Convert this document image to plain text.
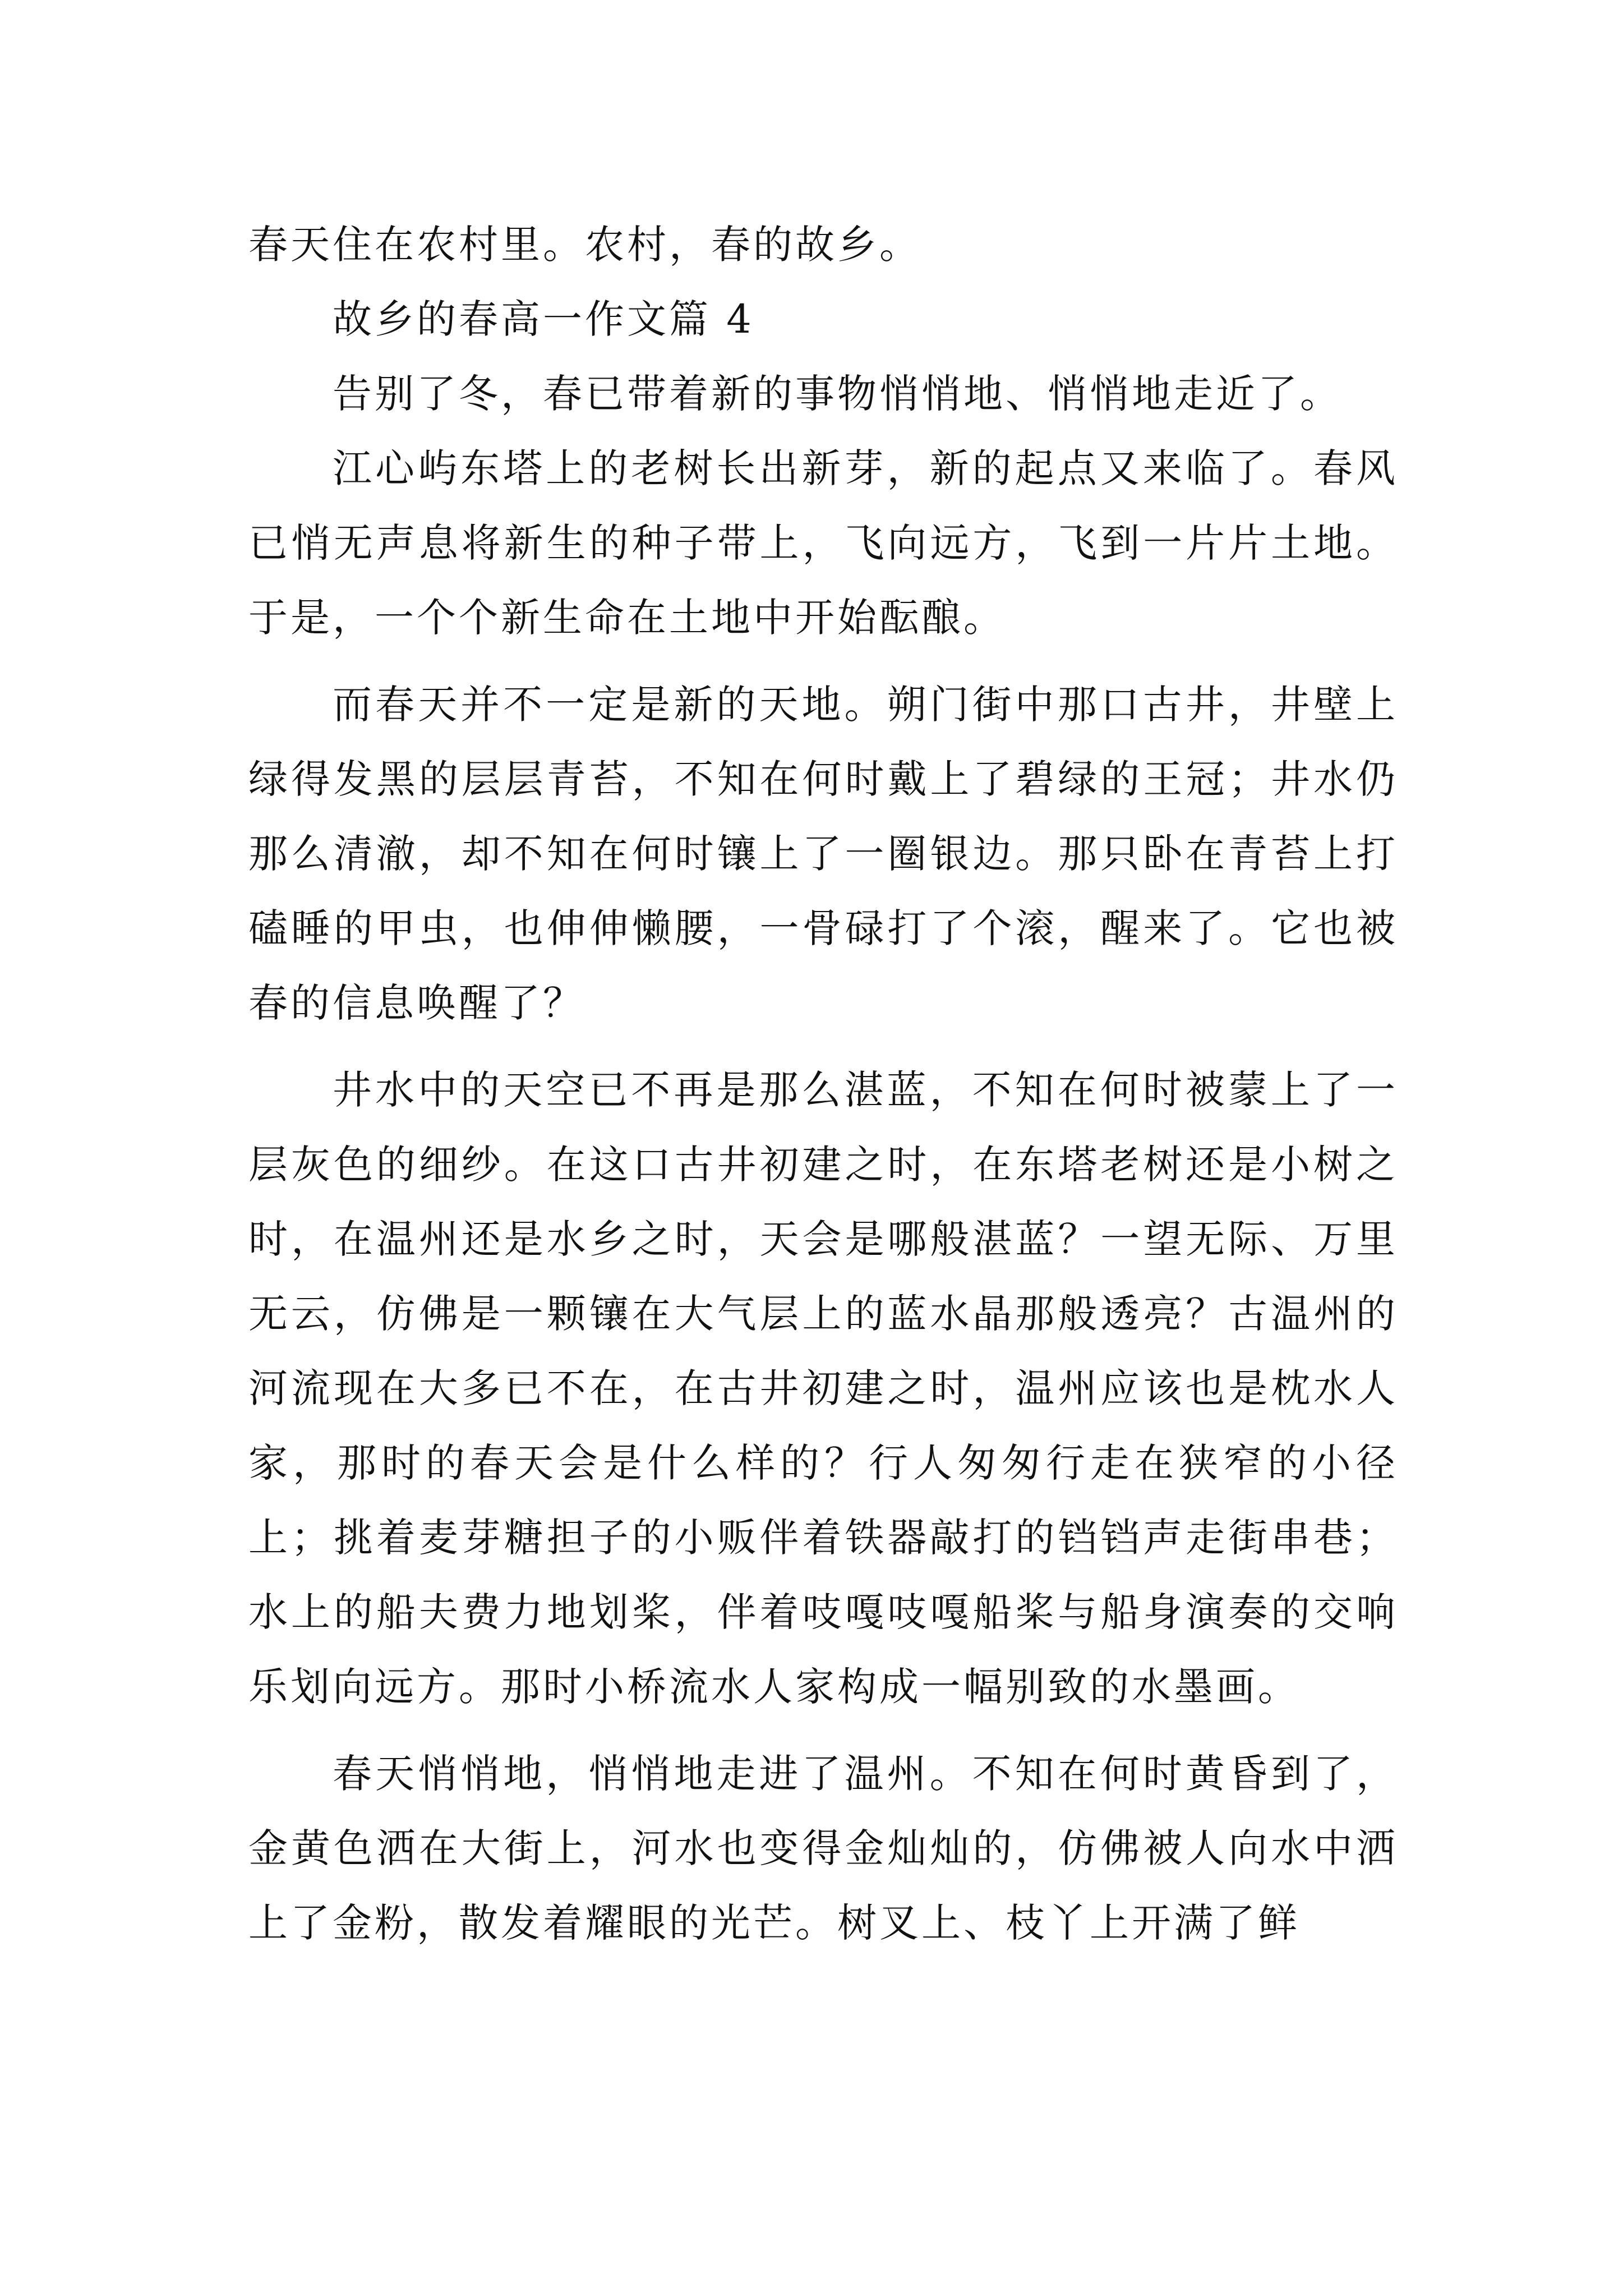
春天住在农村里。农村，春的故乡。

故乡的春高一作文篇 4

告别了冬，春已带着新的事物悄悄地、悄悄地走近了。

江心屿东塔上的老树长出新芽，新的起点又来临了。春风已悄无声息将新生的种子带上，飞向远方，飞到一片片土地。于是，一个个新生命在土地中开始酝酿。

而春天并不一定是新的天地。朔门街中那口古井，井壁上绿得发黑的层层青苔，不知在何时戴上了碧绿的王冠；井水仍那么清澈，却不知在何时镶上了一圈银边。那只卧在青苔上打磕睡的甲虫，也伸伸懒腰，一骨碌打了个滚，醒来了。它也被春的信息唤醒了？

井水中的天空已不再是那么湛蓝，不知在何时被蒙上了一层灰色的细纱。在这口古井初建之时，在东塔老树还是小树之时，在温州还是水乡之时，天会是哪般湛蓝？一望无际、万里无云，仿佛是一颗镶在大气层上的蓝水晶那般透亮？古温州的河流现在大多已不在，在古井初建之时，温州应该也是枕水人家，那时的春天会是什么样的？行人匆匆行走在狭窄的小径上；挑着麦芽糖担子的小贩伴着铁器敲打的铛铛声走街串巷；水上的船夫费力地划桨，伴着吱嘎吱嘎船桨与船身演奏的交响乐划向远方。那时小桥流水人家构成一幅别致的水墨画。

春天悄悄地，悄悄地走进了温州。不知在何时黄昏到了，金黄色洒在大街上，河水也变得金灿灿的，仿佛被人向水中洒上了金粉，散发着耀眼的光芒。树叉上、枝丫上开满了鲜
